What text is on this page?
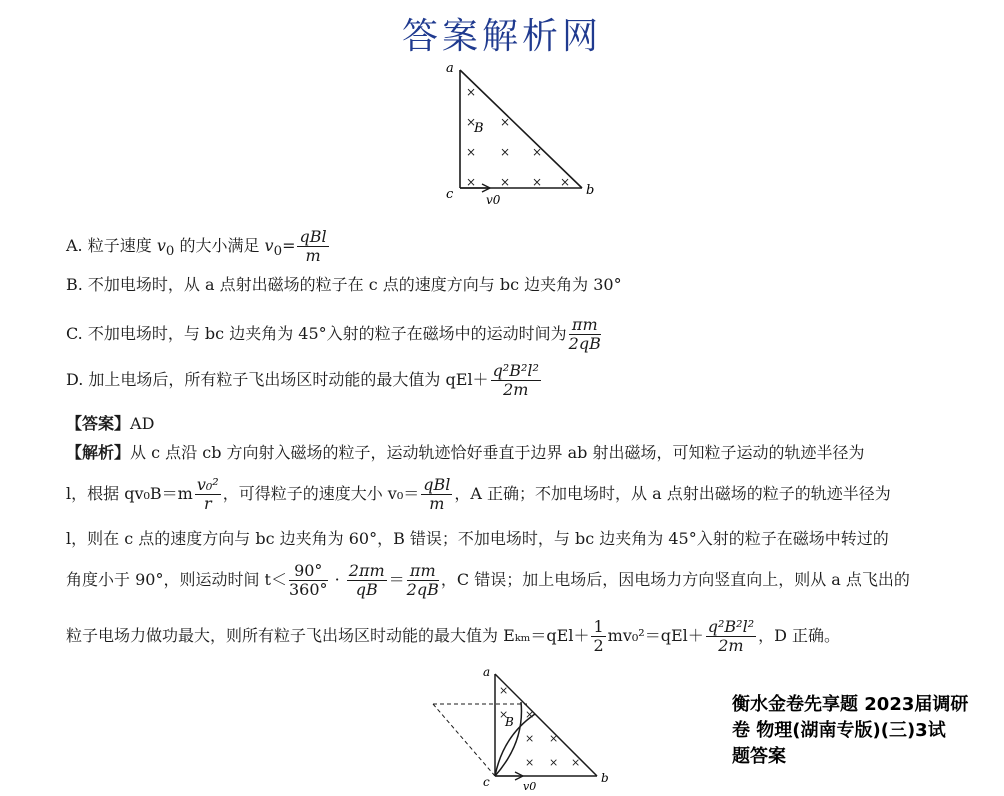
答案解析网
×
× ×
× × ×
× × × ×
a
B
c	b
v0
A. 粒子速度 $v_0$ 的大小满足 $v_0= \frac{\text{qBl}}{m}$
B. 不加电场时，从 a 点射出磁场的粒子在 c 点的速度方向与 bc 边夹角为 30°
C. 不加电场时，与 bc 边夹角为 45°入射的粒子在磁场中的运动时间为 $\frac{\pi m}{2qB}$
D. 加上电场后，所有粒子飞出场区时动能的最大值为 $qEl+ \frac{\text{q²B²l²}}{2m}$
【答案】AD
【解析】从 c 点沿 cb 方向射入磁场的粒子，运动轨迹恰好垂直于边界 ab 射出磁场，可知粒子运动的轨迹半径为
l，根据 $qv_0B=m \frac{\text{v₀²}}{r}$ ，可得粒子的速度大小 $v_0= \frac{\text{qBl}}{m}$ ，A 正确；不加电场时，从 a 点射出磁场的粒子的轨迹半径为
l，则在 c 点的速度方向与 bc 边夹角为 60°，B 错误；不加电场时，与 bc 边夹角为 45°入射的粒子在磁场中转过的
角度小于 90°，则运动时间 $t< \frac{90^\circ}{360^\circ} \cdot \frac{2\pi m}{qB} = \frac{\pi m}{2qB}$ ，C 错误；加上电场后，因电场力方向竖直向上，则从 a 点飞出的
粒子电场力做功最大，则所有粒子飞出场区时动能的最大值为 $E_{km}=qEl+ \frac{1}{2} mv_0^2=qEl+ \frac{\text{q²B²l²}}{2m}$ ，D 正确。
×
× ×
× ×
× × ×
a
B
c	b
v0
衡水金卷先享题 2023届调研
卷 物理(湖南专版)(三)3试
题答案
